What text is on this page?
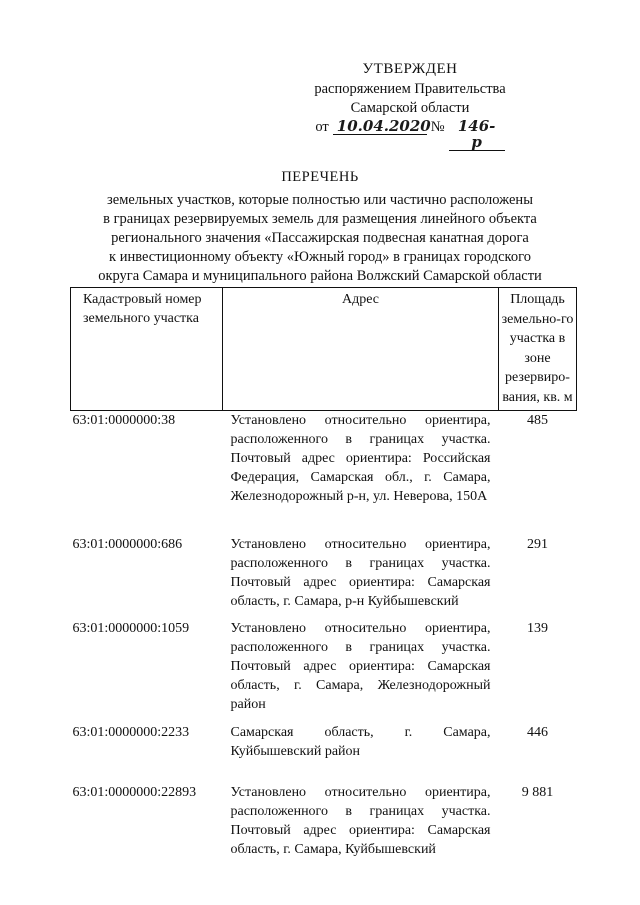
УТВЕРЖДЕН
распоряжением Правительства
Самарской области
от 10.04.2020 № 146-р
ПЕРЕЧЕНЬ
земельных участков, которые полностью или частично расположены
в границах резервируемых земель для размещения линейного объекта
регионального значения «Пассажирская подвесная канатная дорога
к инвестиционному объекту «Южный город» в границах городского
округа Самара и муниципального района Волжский Самарской области
Кадастровый номер земельного участка	Адрес	Площадь земельно-го участка в зоне резервиро-вания, кв. м
63:01:0000000:38	Установлено относительно ориентира, расположенного в границах участка. Почтовый адрес ориентира: Российская Федерация, Самарская обл., г. Самара, Железнодорожный р-н, ул. Неверова, 150А	485
63:01:0000000:686	Установлено относительно ориентира, расположенного в границах участка. Почтовый адрес ориентира: Самарская область, г. Самара, р-н Куйбышевский	291
63:01:0000000:1059	Установлено относительно ориентира, расположенного в границах участка. Почтовый адрес ориентира: Самарская область, г. Самара, Железнодорожный район	139
63:01:0000000:2233	Самарская область, г. Самара, Куйбышевский район	446
63:01:0000000:22893	Установлено относительно ориентира, расположенного в границах участка. Почтовый адрес ориентира: Самарская область, г. Самара, Куйбышевский	9 881
